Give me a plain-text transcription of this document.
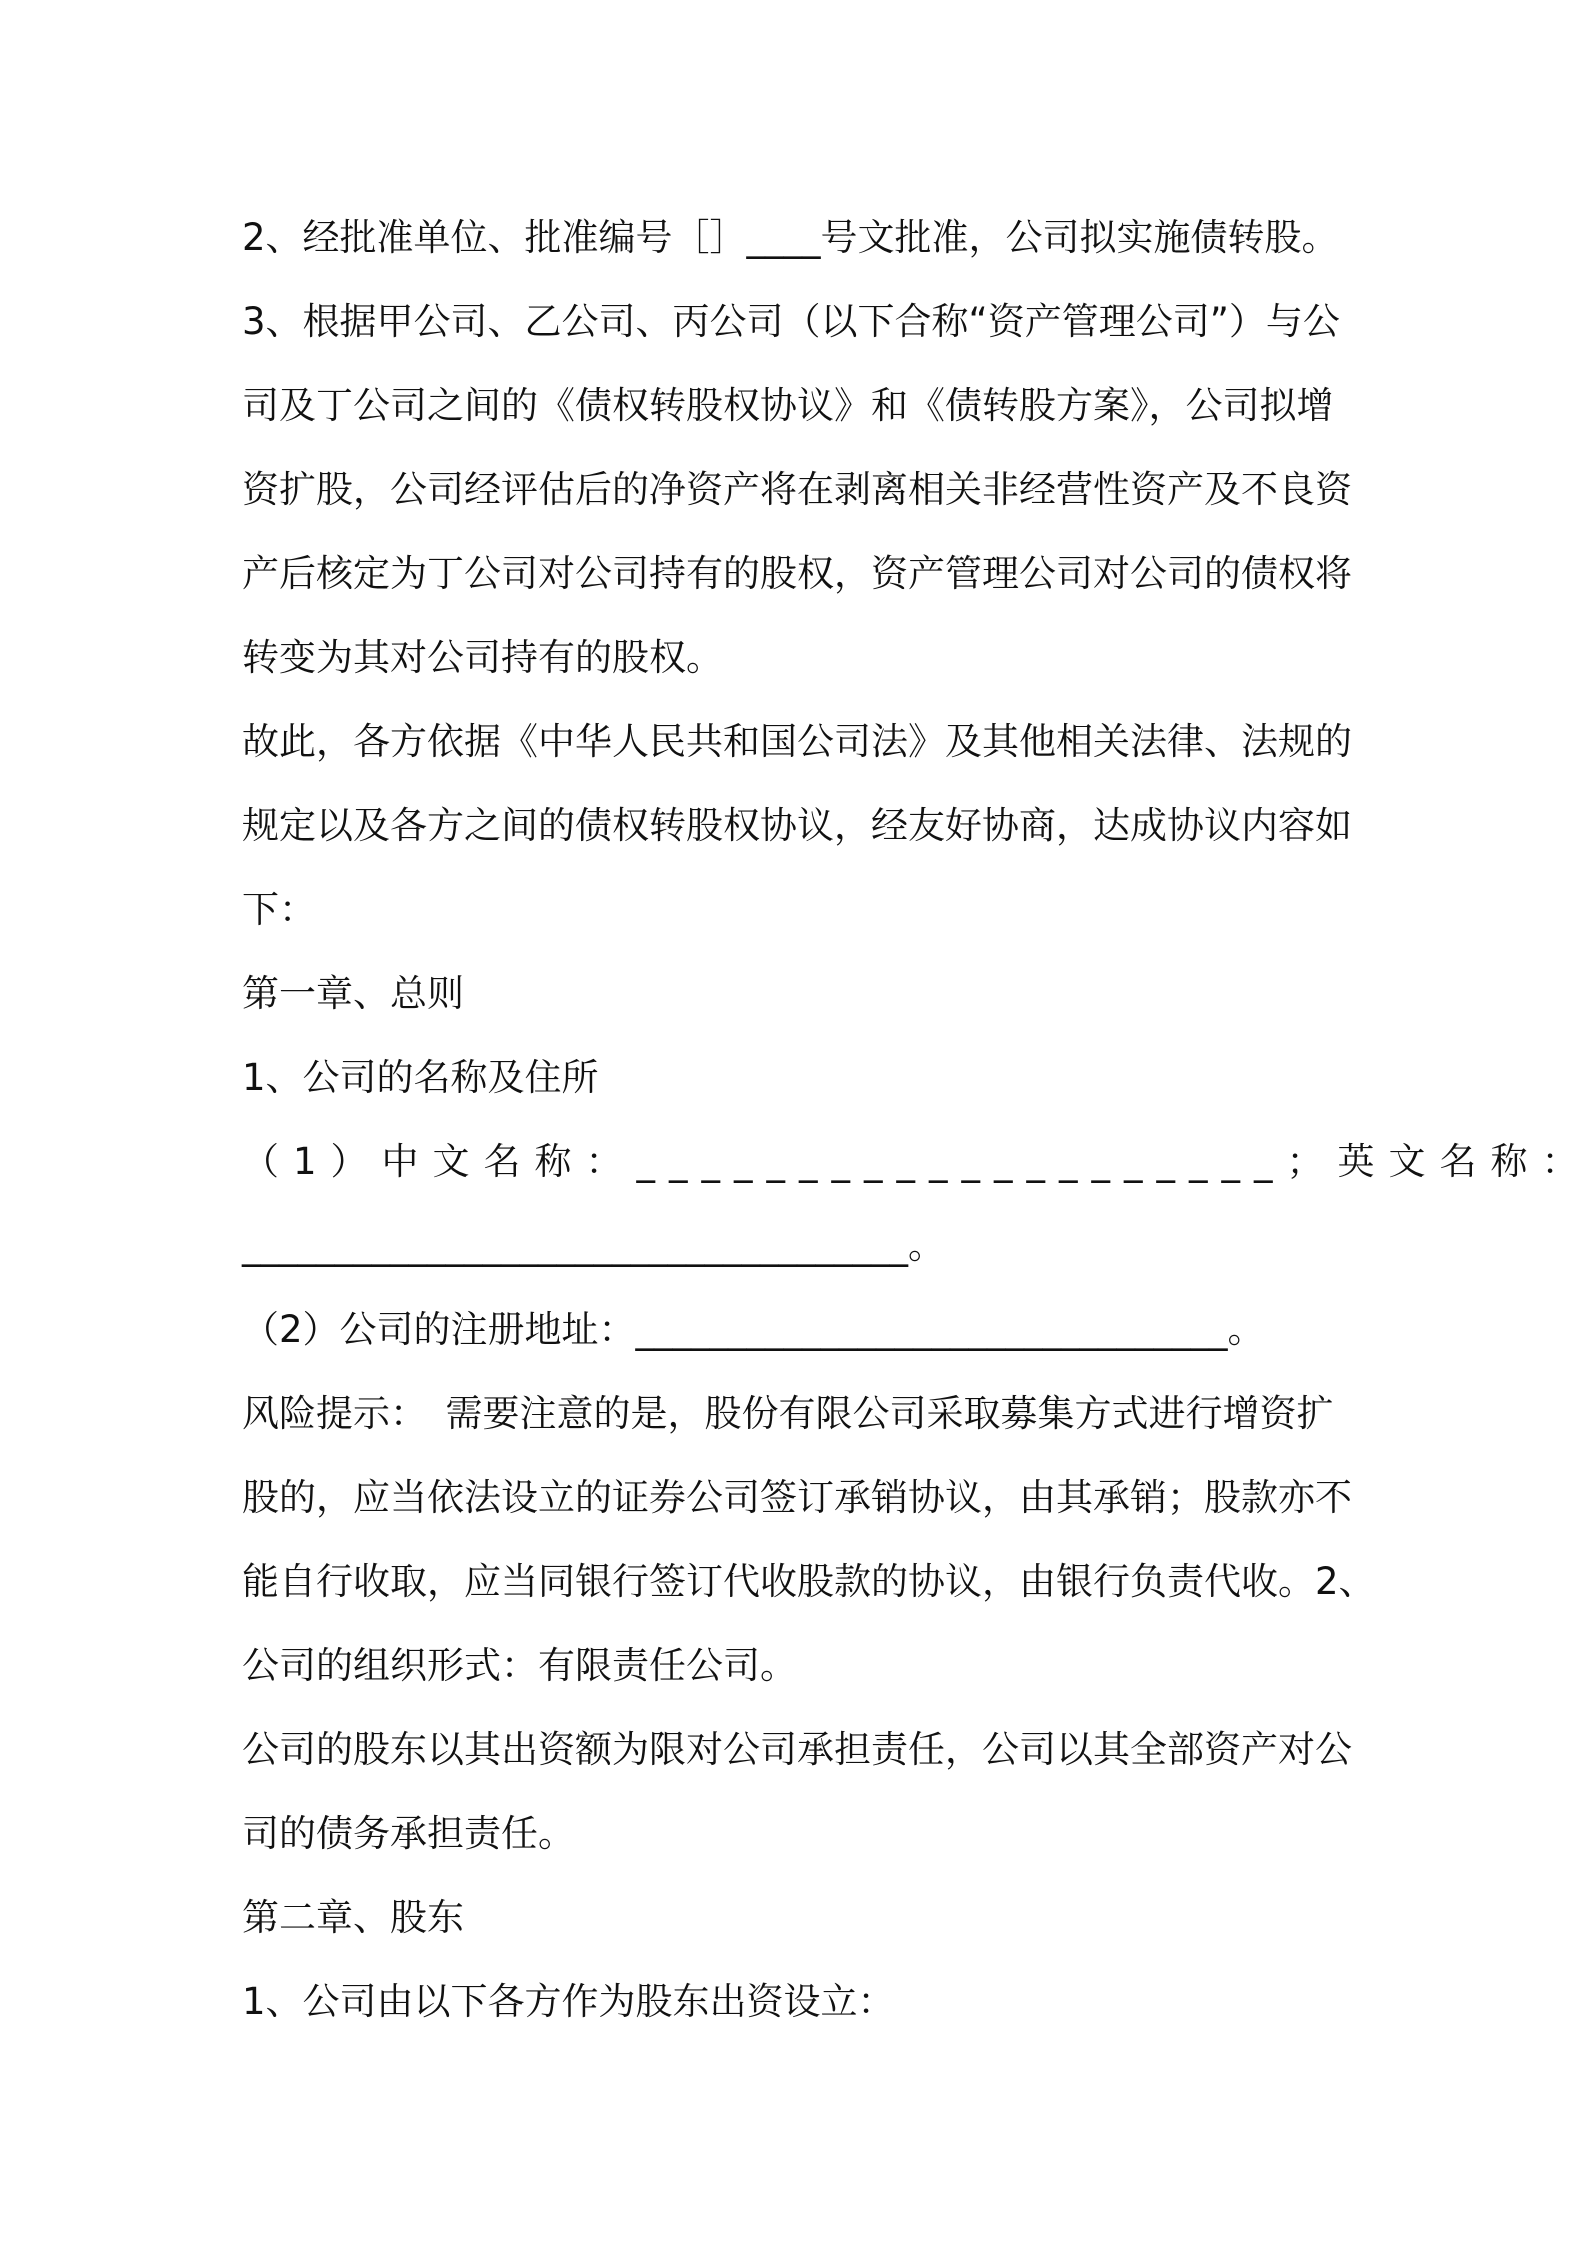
2、经批准单位、批准编号［］____号文批准，公司拟实施债转股。
3、根据甲公司、乙公司、丙公司（以下合称“资产管理公司”）与公
司及丁公司之间的《债权转股权协议》和《债转股方案》，公司拟增
资扩股，公司经评估后的净资产将在剥离相关非经营性资产及不良资
产后核定为丁公司对公司持有的股权，资产管理公司对公司的债权将
转变为其对公司持有的股权。
故此，各方依据《中华人民共和国公司法》及其他相关法律、法规的
规定以及各方之间的债权转股权协议，经友好协商，达成协议内容如
下：
第一章、总则
1、公司的名称及住所
（1）中文名称：____________________；英文名称：
____________________________________。
（2）公司的注册地址：________________________________。
风险提示：　需要注意的是，股份有限公司采取募集方式进行增资扩
股的，应当依法设立的证券公司签订承销协议，由其承销；股款亦不
能自行收取，应当同银行签订代收股款的协议，由银行负责代收。2、
公司的组织形式：有限责任公司。
公司的股东以其出资额为限对公司承担责任，公司以其全部资产对公
司的债务承担责任。
第二章、股东
1、公司由以下各方作为股东出资设立：
